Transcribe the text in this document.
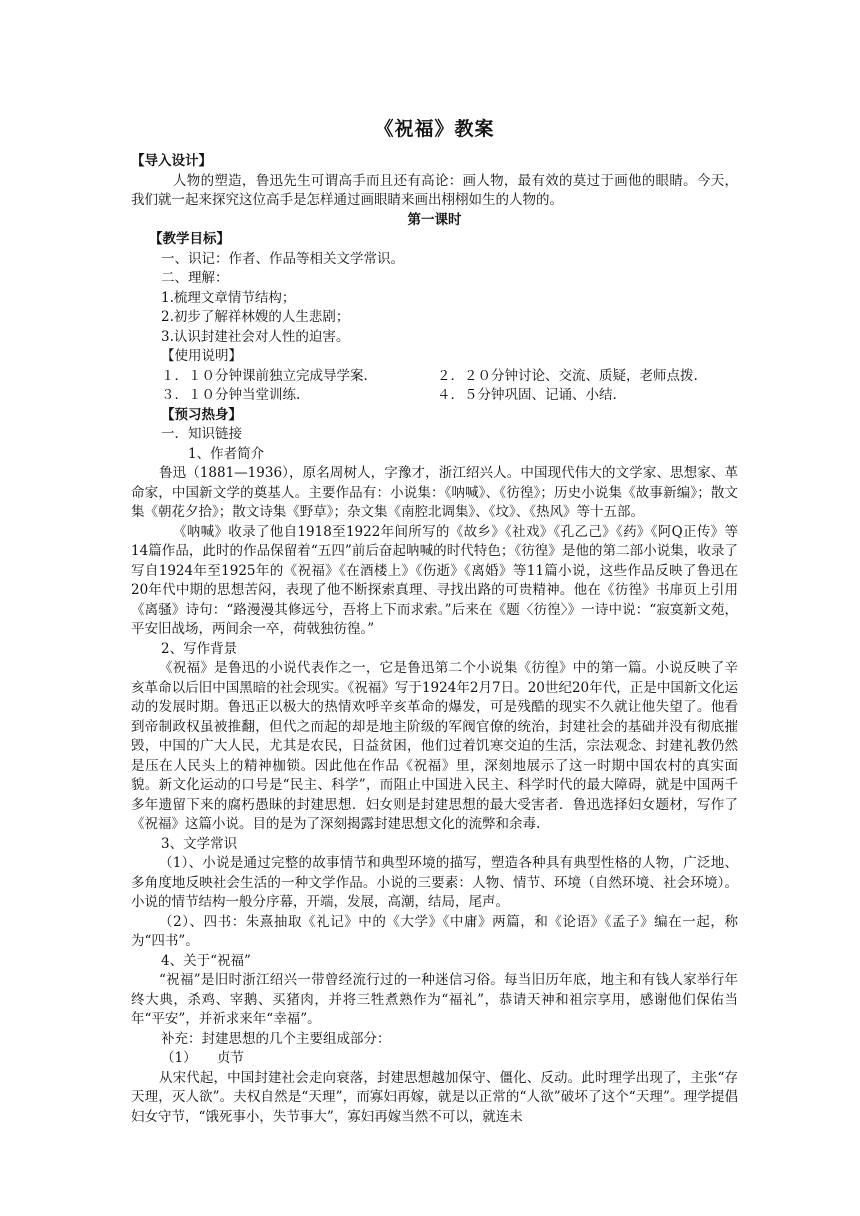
《祝福》教案

【导入设计】

人物的塑造，鲁迅先生可谓高手而且还有高论：画人物，最有效的莫过于画他的眼睛。今天，我们就一起来探究这位高手是怎样通过画眼睛来画出栩栩如生的人物的。

第一课时

【教学目标】

一、识记：作者、作品等相关文学常识。

二、理解：

1.梳理文章情节结构；

2.初步了解祥林嫂的人生悲剧；

3.认识封建社会对人性的迫害。

【使用说明】

１．１０分钟课前独立完成导学案.	２．２０分钟讨论、交流、质疑，老师点拨.
３．１０分钟当堂训练.	４．５分钟巩固、记诵、小结.

【预习热身】

一．知识链接

1、作者简介

鲁迅（1881—1936），原名周树人，字豫才，浙江绍兴人。中国现代伟大的文学家、思想家、革命家，中国新文学的奠基人。主要作品有：小说集：《呐喊》、《彷徨》；历史小说集《故事新编》；散文集《朝花夕拾》；散文诗集《野草》；杂文集《南腔北调集》、《坟》、《热风》等十五部。

《呐喊》收录了他自1918至1922年间所写的《故乡》《社戏》《孔乙己》《药》《阿Q正传》等14篇作品，此时的作品保留着“五四”前后奋起呐喊的时代特色；《彷徨》是他的第二部小说集，收录了写自1924年至1925年的《祝福》《在酒楼上》《伤逝》《离婚》等11篇小说，这些作品反映了鲁迅在20年代中期的思想苦闷，表现了他不断探索真理、寻找出路的可贵精神。他在《彷徨》书扉页上引用《离骚》诗句：“路漫漫其修远兮，吾将上下而求索。”后来在《题〈彷徨〉》一诗中说：“寂寞新文苑，平安旧战场，两间余一卒，荷戟独彷徨。”

2、写作背景

《祝福》是鲁迅的小说代表作之一，它是鲁迅第二个小说集《彷徨》中的第一篇。小说反映了辛亥革命以后旧中国黑暗的社会现实。《祝福》写于1924年2月7日。20世纪20年代，正是中国新文化运动的发展时期。鲁迅正以极大的热情欢呼辛亥革命的爆发，可是残酷的现实不久就让他失望了。他看到帝制政权虽被推翻，但代之而起的却是地主阶级的军阀官僚的统治，封建社会的基础并没有彻底摧毁，中国的广大人民，尤其是农民，日益贫困，他们过着饥寒交迫的生活，宗法观念、封建礼教仍然是压在人民头上的精神枷锁。因此他在作品《祝福》里，深刻地展示了这一时期中国农村的真实面貌。新文化运动的口号是“民主、科学”，而阻止中国进入民主、科学时代的最大障碍，就是中国两千多年遗留下来的腐朽愚昧的封建思想．妇女则是封建思想的最大受害者．鲁迅选择妇女题材，写作了《祝福》这篇小说。目的是为了深刻揭露封建思想文化的流弊和余毒.

3、文学常识

（1）、小说是通过完整的故事情节和典型环境的描写，塑造各种具有典型性格的人物，广泛地、多角度地反映社会生活的一种文学作品。小说的三要素：人物、情节、环境（自然环境、社会环境）。小说的情节结构一般分序幕，开端，发展，高潮，结局，尾声。

（2）、四书：朱熹抽取《礼记》中的《大学》《中庸》两篇，和《论语》《孟子》编在一起，称为“四书”。

4、关于“祝福”

“祝福”是旧时浙江绍兴一带曾经流行过的一种迷信习俗。每当旧历年底，地主和有钱人家举行年终大典，杀鸡、宰鹅、买猪肉，并将三牲煮熟作为“福礼”，恭请天神和祖宗享用，感谢他们保佑当年“平安”，并祈求来年“幸福”。

补充：封建思想的几个主要组成部分：

（1）　　贞节

从宋代起，中国封建社会走向衰落，封建思想越加保守、僵化、反动。此时理学出现了，主张“存天理，灭人欲”。夫权自然是“天理”，而寡妇再嫁，就是以正常的“人欲”破坏了这个“天理”。理学提倡妇女守节，“饿死事小，失节事大”，寡妇再嫁当然不可以，就连未
